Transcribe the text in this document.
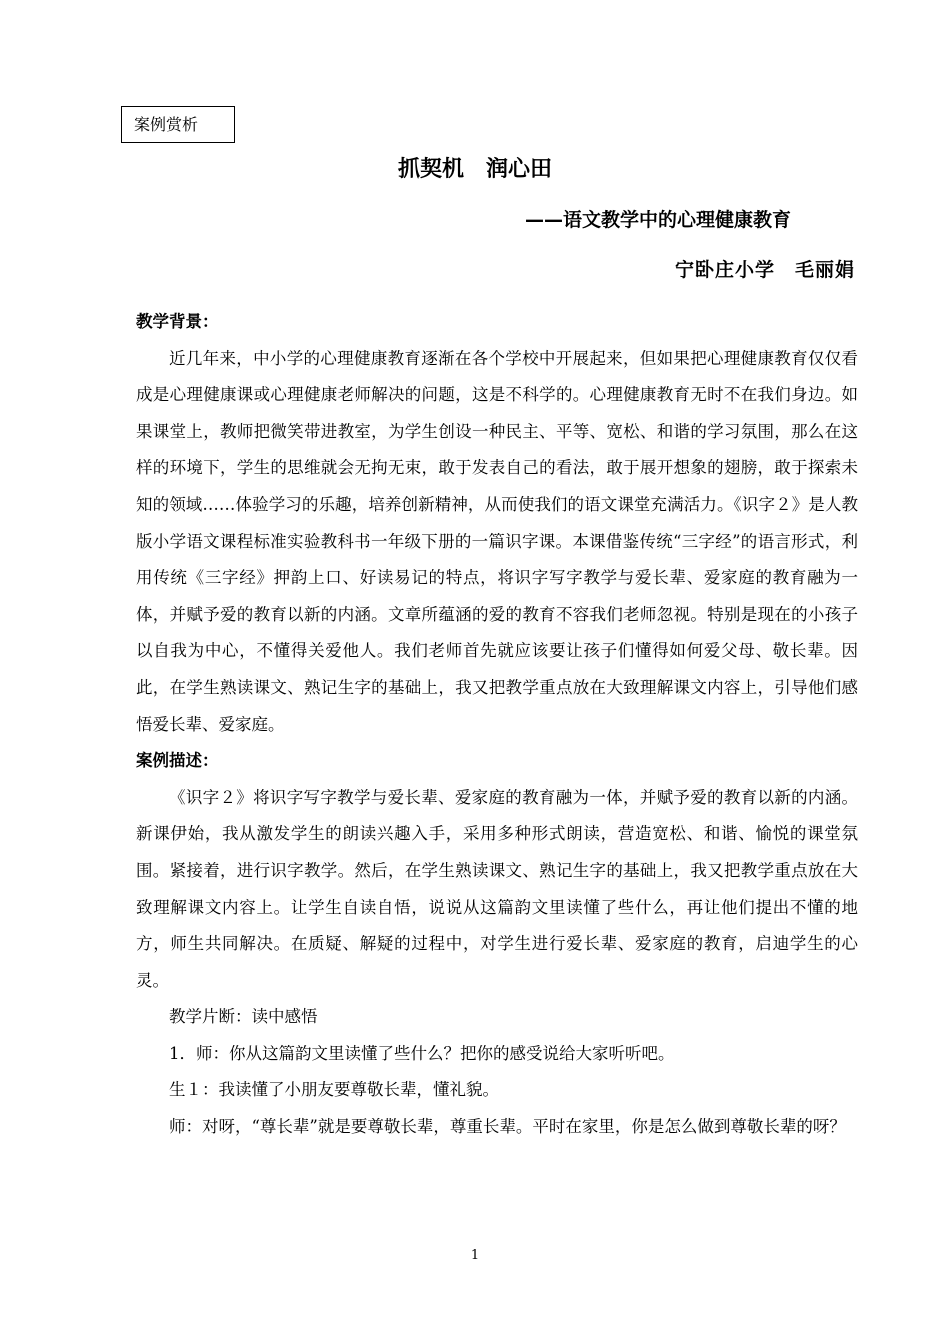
案例赏析
抓契机　润心田
——语文教学中的心理健康教育
宁卧庄小学　毛丽娟

教学背景：

近几年来，中小学的心理健康教育逐渐在各个学校中开展起来，但如果把心理健康教育仅仅看成是心理健康课或心理健康老师解决的问题，这是不科学的。心理健康教育无时不在我们身边。如果课堂上，教师把微笑带进教室，为学生创设一种民主、平等、宽松、和谐的学习氛围，那么在这样的环境下，学生的思维就会无拘无束，敢于发表自己的看法，敢于展开想象的翅膀，敢于探索未知的领域……体验学习的乐趣，培养创新精神，从而使我们的语文课堂充满活力。《识字２》是人教版小学语文课程标准实验教科书一年级下册的一篇识字课。本课借鉴传统“三字经”的语言形式，利用传统《三字经》押韵上口、好读易记的特点，将识字写字教学与爱长辈、爱家庭的教育融为一体，并赋予爱的教育以新的内涵。文章所蕴涵的爱的教育不容我们老师忽视。特别是现在的小孩子以自我为中心，不懂得关爱他人。我们老师首先就应该要让孩子们懂得如何爱父母、敬长辈。因此，在学生熟读课文、熟记生字的基础上，我又把教学重点放在大致理解课文内容上，引导他们感悟爱长辈、爱家庭。

案例描述：

《识字２》将识字写字教学与爱长辈、爱家庭的教育融为一体，并赋予爱的教育以新的内涵。新课伊始，我从激发学生的朗读兴趣入手，采用多种形式朗读，营造宽松、和谐、愉悦的课堂氛围。紧接着，进行识字教学。然后，在学生熟读课文、熟记生字的基础上，我又把教学重点放在大致理解课文内容上。让学生自读自悟，说说从这篇韵文里读懂了些什么，再让他们提出不懂的地方，师生共同解决。在质疑、解疑的过程中，对学生进行爱长辈、爱家庭的教育，启迪学生的心灵。

教学片断：读中感悟

1．师：你从这篇韵文里读懂了些什么？把你的感受说给大家听听吧。

生１：我读懂了小朋友要尊敬长辈，懂礼貌。

师：对呀，“尊长辈”就是要尊敬长辈，尊重长辈。平时在家里，你是怎么做到尊敬长辈的呀？

1
